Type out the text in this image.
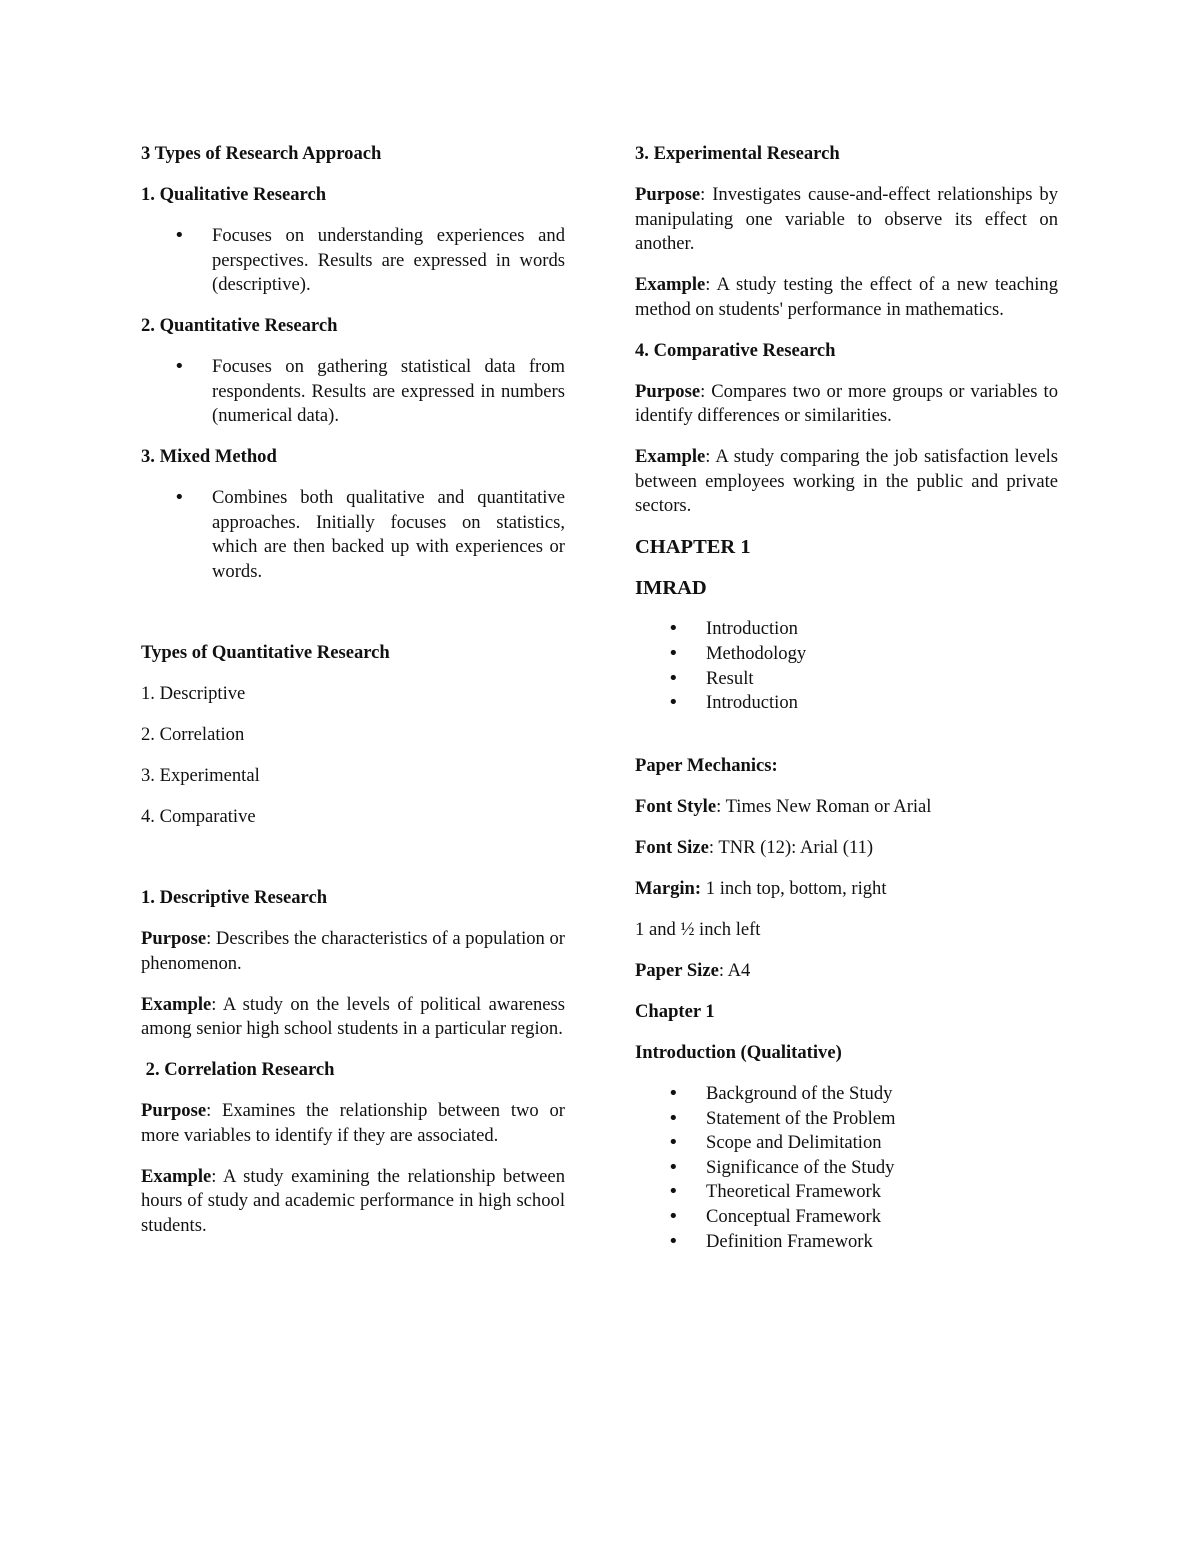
3 Types of Research Approach

1. Qualitative Research

• Focuses on understanding experiences and perspectives. Results are expressed in words (descriptive).

2. Quantitative Research

• Focuses on gathering statistical data from respondents. Results are expressed in numbers (numerical data).

3. Mixed Method

• Combines both qualitative and quantitative approaches. Initially focuses on statistics, which are then backed up with experiences or words.

Types of Quantitative Research

1. Descriptive

2. Correlation

3. Experimental

4. Comparative

1. Descriptive Research

Purpose: Describes the characteristics of a population or phenomenon.

Example: A study on the levels of political awareness among senior high school students in a particular region.

2. Correlation Research

Purpose: Examines the relationship between two or more variables to identify if they are associated.

Example: A study examining the relationship between hours of study and academic performance in high school students.

3. Experimental Research

Purpose: Investigates cause-and-effect relationships by manipulating one variable to observe its effect on another.

Example: A study testing the effect of a new teaching method on students' performance in mathematics.

4. Comparative Research

Purpose: Compares two or more groups or variables to identify differences or similarities.

Example: A study comparing the job satisfaction levels between employees working in the public and private sectors.

CHAPTER 1

IMRAD

• Introduction
• Methodology
• Result
• Introduction

Paper Mechanics:

Font Style: Times New Roman or Arial

Font Size: TNR (12): Arial (11)

Margin: 1 inch top, bottom, right

1 and ½ inch left

Paper Size: A4

Chapter 1

Introduction (Qualitative)

• Background of the Study
• Statement of the Problem
• Scope and Delimitation
• Significance of the Study
• Theoretical Framework
• Conceptual Framework
• Definition Framework
